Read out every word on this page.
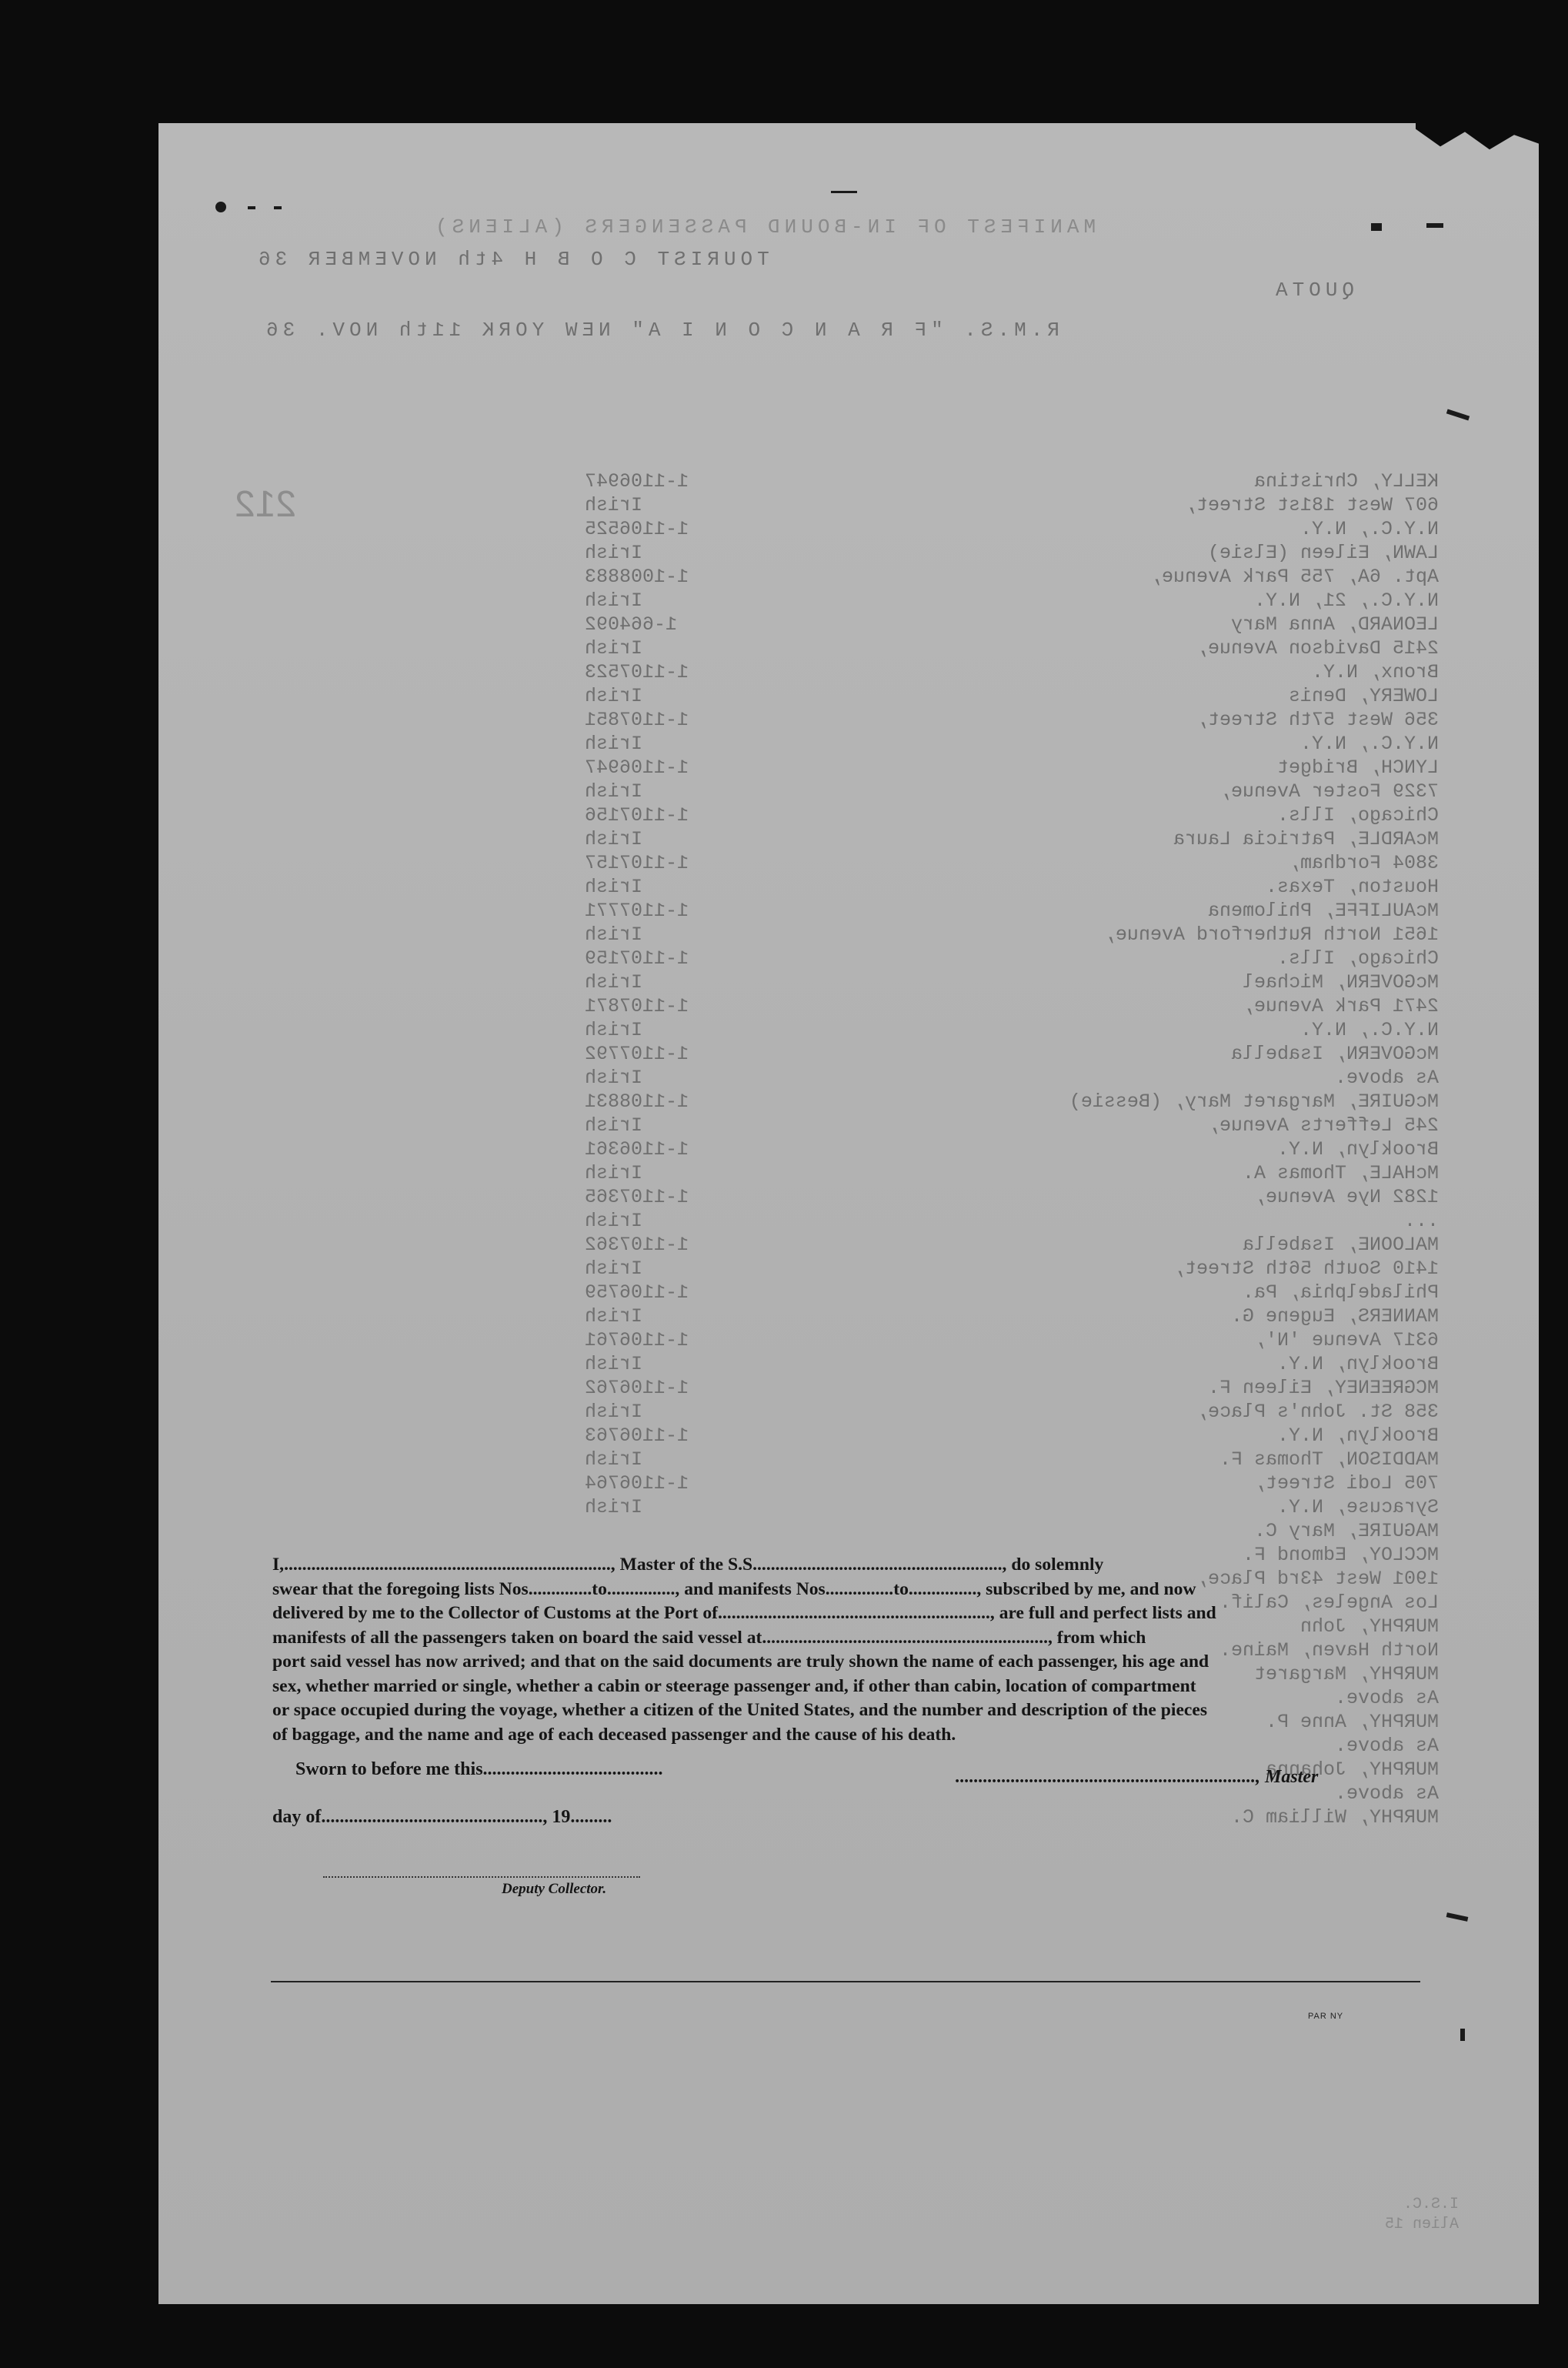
MANIFEST OF IN-BOUND PASSENGERS (ALIENS)
TOURIST C O B H 4th NOVEMBER 36
QUOTA
R.M.S. "F R A N C O N I A" NEW YORK 11th NOV. 36
212
1-1106947
Irish
1-1106525
Irish
1-1008883
Irish
1-664092
Irish
1-1107523
Irish
1-1107851
Irish
1-1106947
Irish
1-1107156
Irish
1-1107157
Irish
1-1107771
Irish
1-1107159
Irish
1-1107871
Irish
1-1107792
Irish
1-1108831
Irish
1-1106361
Irish
1-1107365
Irish
1-1107362
Irish
1-1106759
Irish
1-1106761
Irish
1-1106762
Irish
1-1106763
Irish
1-1106764
Irish
KELLY, Christina
607 West 181st Street,
N.Y.C., N.Y.
LAWN, Eileen (Elsie)
Apt. 6A, 755 Park Avenue,
N.Y.C., 21, N.Y.
LEONARD, Anna Mary
2415 Davidson Avenue,
Bronx, N.Y.
LOWERY, Denis
356 West 57th Street,
N.Y.C., N.Y.
LYNCH, Bridget
7329 Foster Avenue,
Chicago, Ills.
McARDLE, Patricia Laura
3804 Fordham,
Houston, Texas.
McAULIFFE, Philomena
1651 North Rutherford Avenue,
Chicago, Ills.
McGOVERN, Michael
2471 Park Avenue,
N.Y.C., N.Y.
McGOVERN, Isabella
As above.
McGUIRE, Margaret Mary, (Bessie)
245 Lefferts Avenue,
Brooklyn, N.Y.
McHALE, Thomas A.
1282 Nye Avenue,
...
MALOONE, Isabella
1410 South 56th Street,
Philadelphia, Pa.
MANNERS, Eugene G.
6317 Avenue 'N',
Brooklyn, N.Y.
MCGREENEY, Eileen F.
358 St. John's Place,
Brooklyn, N.Y.
MADDISON, Thomas F.
705 Lodi Street,
Syracuse, N.Y.
MAGUIRE, Mary C.
MCCLOY, Edmond F.
1901 West 43rd Place,
Los Angeles, Calif.
MURPHY, John
North Haven, Maine.
MURPHY, Margaret
As above.
MURPHY, Anne P.
As above.
MURPHY, Johanna
As above.
MURPHY, William C.

I,........................................................................, Master of the S.S......................................................., do solemnly

swear that the foregoing lists Nos..............to..............., and manifests Nos...............to..............., subscribed by me, and now

delivered by me to the Collector of Customs at the Port of............................................................, are full and perfect lists and

manifests of all the passengers taken on board the said vessel at..............................................................., from which

port said vessel has now arrived; and that on the said documents are truly shown the name of each passenger, his age and

sex, whether married or single, whether a cabin or steerage passenger and, if other than cabin, location of compartment

or space occupied during the voyage, whether a citizen of the United States, and the number and description of the pieces

of baggage, and the name and age of each deceased passenger and the cause of his death.

Sworn to before me this.......................................	................................................................., Master
day of................................................, 19.........
Deputy Collector.
PAR NY
I.S.C.
Alien 15
